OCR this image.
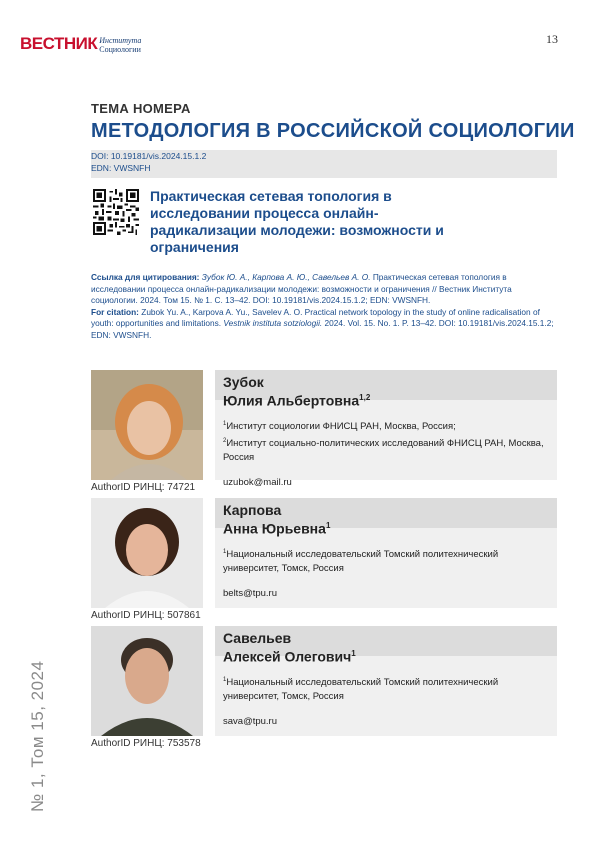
ВЕСТНИК Института
Социологии
13
№ 1, Том 15, 2024
ТЕМА НОМЕРА
МЕТОДОЛОГИЯ В РОССИЙСКОЙ СОЦИОЛОГИИ
DOI: 10.19181/vis.2024.15.1.2
EDN: VWSNFH
Практическая сетевая топология в исследовании процесса онлайн-радикализации молодежи: возможности и ограничения
Ссылка для цитирования: Зубок Ю. А., Карпова А. Ю., Савельев А. О. Практическая сетевая топология в исследовании процесса онлайн-радикализации молодежи: возможности и ограничения // Вестник Института социологии. 2024. Том 15. № 1. С. 13–42. DOI: 10.19181/vis.2024.15.1.2; EDN: VWSNFH.
For citation: Zubok Yu. A., Karpova A. Yu., Savelev A. O. Practical network topology in the study of online radicalisation of youth: opportunities and limitations. Vestnik instituta sotziologii. 2024. Vol. 15. No. 1. P. 13–42. DOI: 10.19181/vis.2024.15.1.2; EDN: VWSNFH.
AuthorID РИНЦ: 74721
Зубок
Юлия Альбертовна$^{1,2}$
$^1$Институт социологии ФНИСЦ РАН, Москва, Россия;
$^2$Институт социально-политических исследований ФНИСЦ РАН, Москва, Россия
uzubok@mail.ru
AuthorID РИНЦ: 507861
Карпова
Анна Юрьевна$^1$
$^1$Национальный исследовательский Томский политехнический университет, Томск, Россия
belts@tpu.ru
AuthorID РИНЦ: 753578
Савельев
Алексей Олегович$^1$
$^1$Национальный исследовательский Томский политехнический университет, Томск, Россия
sava@tpu.ru
